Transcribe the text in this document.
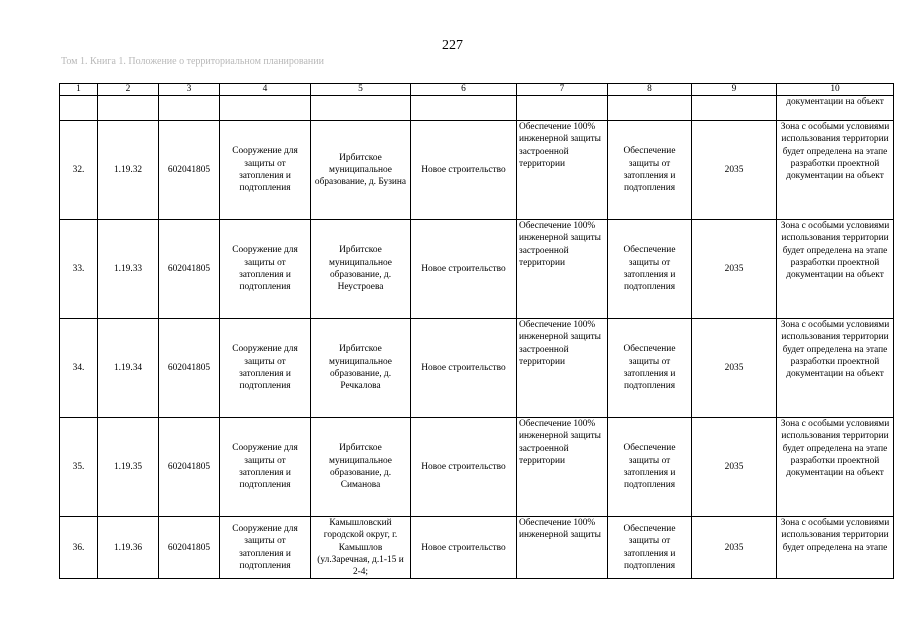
227
Том 1. Книга 1. Положение о территориальном планировании
1	2	3	4	5	6	7	8	9	10
									документации на объект
32.	1.19.32	602041805	Сооружение для защиты от затопления и подтопления	Ирбитское муниципальное образование, д. Бузина	Новое строительство	Обеспечение 100% инженерной защиты застроенной территории	Обеспечение защиты от затопления и подтопления	2035	Зона с особыми условиями использования территории будет определена на этапе разработки проектной документации на объект
33.	1.19.33	602041805	Сооружение для защиты от затопления и подтопления	Ирбитское муниципальное образование, д. Неустроева	Новое строительство	Обеспечение 100% инженерной защиты застроенной территории	Обеспечение защиты от затопления и подтопления	2035	Зона с особыми условиями использования территории будет определена на этапе разработки проектной документации на объект
34.	1.19.34	602041805	Сооружение для защиты от затопления и подтопления	Ирбитское муниципальное образование, д. Речкалова	Новое строительство	Обеспечение 100% инженерной защиты застроенной территории	Обеспечение защиты от затопления и подтопления	2035	Зона с особыми условиями использования территории будет определена на этапе разработки проектной документации на объект
35.	1.19.35	602041805	Сооружение для защиты от затопления и подтопления	Ирбитское муниципальное образование, д. Симанова	Новое строительство	Обеспечение 100% инженерной защиты застроенной территории	Обеспечение защиты от затопления и подтопления	2035	Зона с особыми условиями использования территории будет определена на этапе разработки проектной документации на объект
36.	1.19.36	602041805	Сооружение для защиты от затопления и подтопления	Камышловский городской округ, г. Камышлов (ул.Заречная, д.1-15 и 2-4;	Новое строительство	Обеспечение 100% инженерной защиты	Обеспечение защиты от затопления и подтопления	2035	Зона с особыми условиями использования территории будет определена на этапе
